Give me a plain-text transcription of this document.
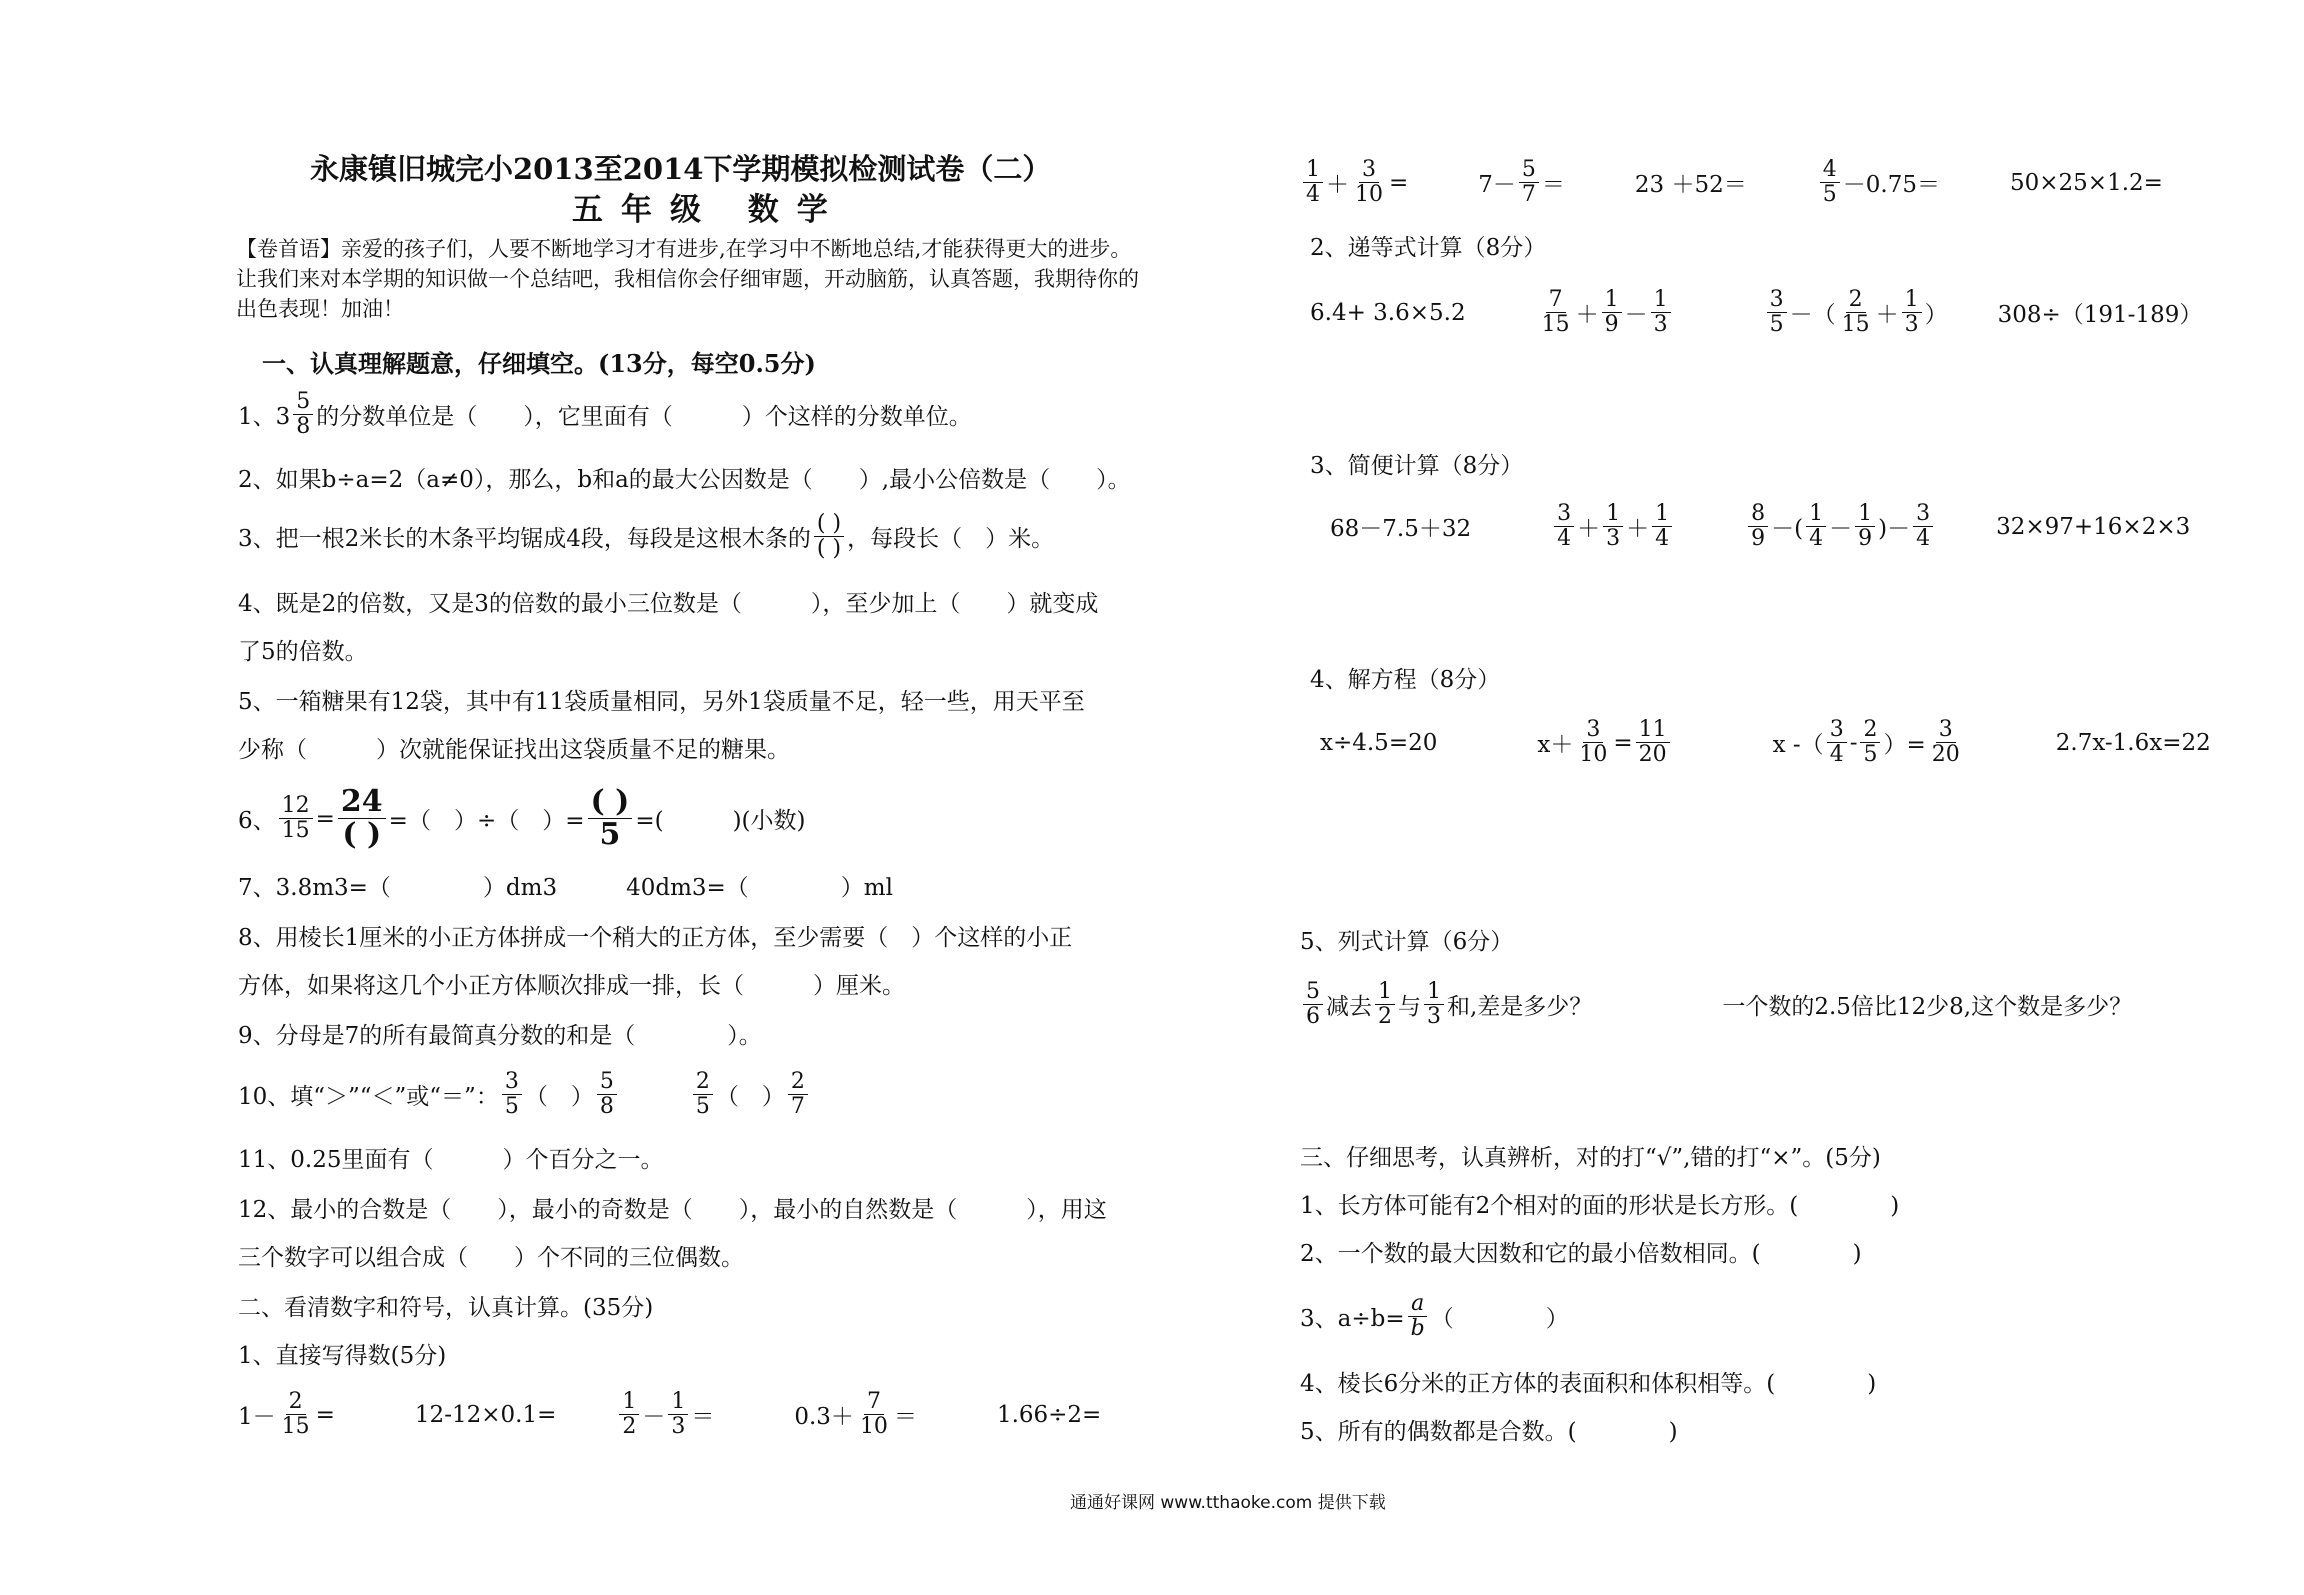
永康镇旧城完小2013至2014下学期模拟检测试卷（二）
五年级 数学
【卷首语】亲爱的孩子们，人要不断地学习才有进步,在学习中不断地总结,才能获得更大的进步。
让我们来对本学期的知识做一个总结吧，我相信你会仔细审题，开动脑筋，认真答题，我期待你的
出色表现！加油！
一、认真理解题意，仔细填空。(13分，每空0.5分)
1、$3 \frac{5}{8}$ 的分数单位是（　　），它里面有（　　　）个这样的分数单位。
2、如果b÷a=2（a≠0），那么，b和a的最大公因数是（　　）,最小公倍数是（　　）。
3、把一根2米长的木条平均锯成4段，每段是这根木条的 $\frac{( )}{( )}$ ，每段长（　）米。
4、既是2的倍数，又是3的倍数的最小三位数是（　　　），至少加上（　　）就变成
了5的倍数。
5、一箱糖果有12袋，其中有11袋质量相同，另外1袋质量不足，轻一些，用天平至
少称（　　　）次就能保证找出这袋质量不足的糖果。
6、 $\frac{12}{15} = \frac{24}{( )}$ =（　）÷（　）= $\frac{( )}{5}$ =(　　　)(小数)
7、3.8m3=（　　　　）dm3　　　40dm3=（　　　　）ml
8、用棱长1厘米的小正方体拼成一个稍大的正方体，至少需要（　）个这样的小正
方体，如果将这几个小正方体顺次排成一排，长（　　　）厘米。
9、分母是7的所有最简真分数的和是（　　　　）。
10、填“＞”“＜”或“＝”： $\frac{3}{5}$ （　） $\frac{5}{8}$	$\frac{2}{5}$ （　） $\frac{2}{7}$
11、0.25里面有（　　　）个百分之一。
12、最小的合数是（　　），最小的奇数是（　　），最小的自然数是（　　　），用这
三个数字可以组合成（　　）个不同的三位偶数。
二、看清数字和符号，认真计算。(35分)
1、直接写得数(5分)
$1- \frac{2}{15}$ =	12-12×0.1=	$\frac{1}{2} - \frac{1}{3}$ ＝	$0.3+ \frac{7}{10}$ ＝	1.66÷2=
$\frac{1}{4} + \frac{3}{10}$ =	$7- \frac{5}{7}$ ＝	23 ＋52＝	$\frac{4}{5} -0.75=$	50×25×1.2=
2、递等式计算（8分）
6.4+ 3.6×5.2	$\frac{7}{15} + \frac{1}{9} - \frac{1}{3}$	$\frac{3}{5}$ －（ $\frac{2}{15} + \frac{1}{3}$ ） 308÷（191-189）
3、简便计算（8分）
68－7.5＋32	$\frac{3}{4} + \frac{1}{3} + \frac{1}{4}$	$\frac{8}{9}$ －( $\frac{1}{4} - \frac{1}{9}$ )－ $\frac{3}{4}$	32×97+16×2×3
4、解方程（8分）
x÷4.5=20	$x+ \frac{3}{10} = \frac{11}{20}$	x -（ $\frac{3}{4} - \frac{2}{5}$ ）= $\frac{3}{20}$	2.7x-1.6x=22
5、列式计算（6分）
$\frac{5}{6}$ 减去 $\frac{1}{2}$ 与 $\frac{1}{3}$ 和,差是多少？	一个数的2.5倍比12少8,这个数是多少？
三、仔细思考，认真辨析，对的打“√”,错的打“×”。(5分)
1、长方体可能有2个相对的面的形状是长方形。(　　　　)
2、一个数的最大因数和它的最小倍数相同。(　　　　)
3、$a\div b= \frac{a}{b}$ （　　　　）
4、棱长6分米的正方体的表面积和体积相等。(　　　　)
5、所有的偶数都是合数。(　　　　)
通通好课网 www.tthaoke.com 提供下载
